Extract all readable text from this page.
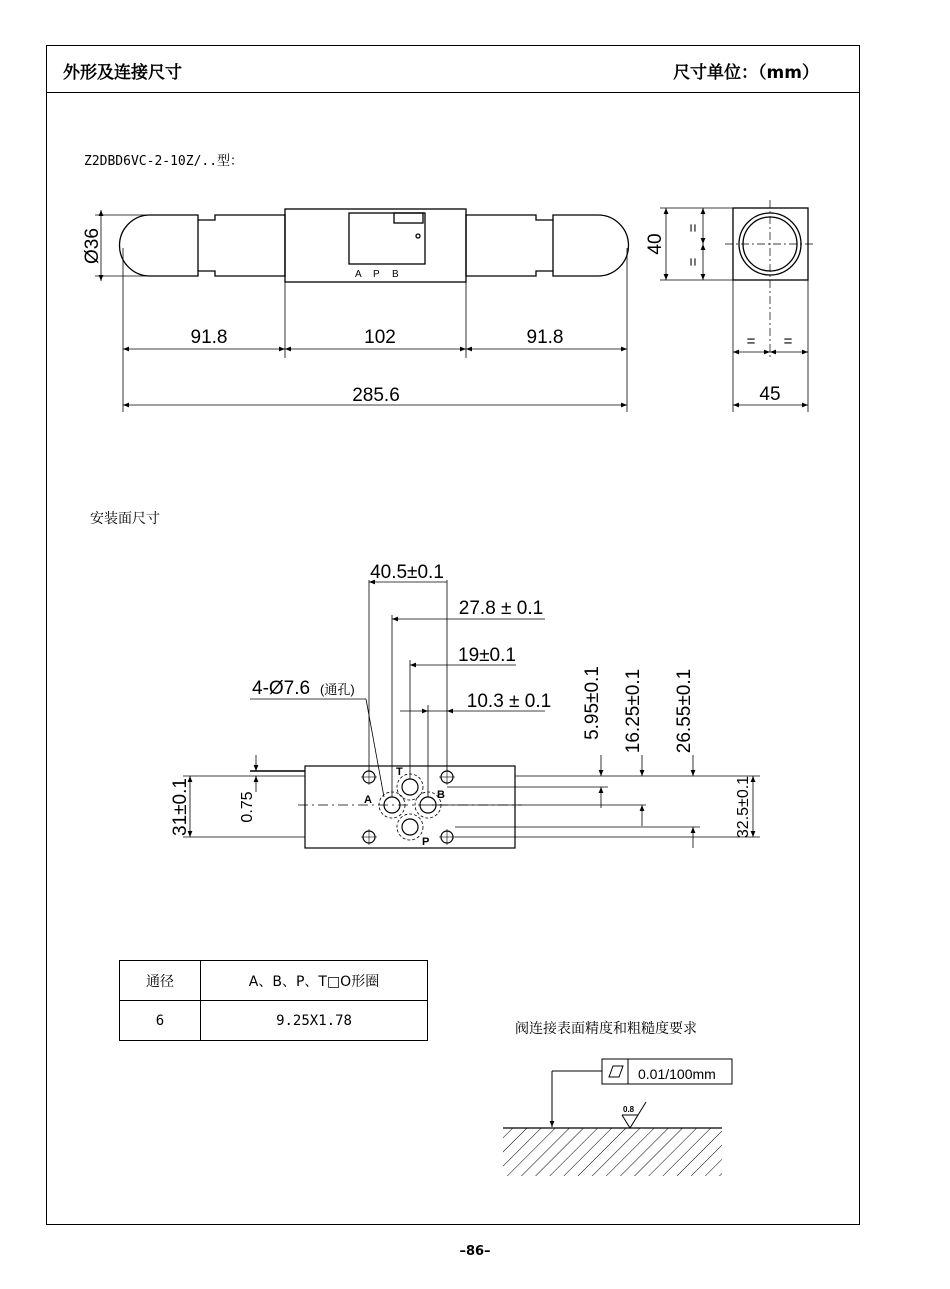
外形及连接尺寸	尺寸单位：（mm）
Z2DBD6VC-2-10Z/..型：
安装面尺寸
阀连接表面精度和粗糙度要求
–86–
Ø36
A P B
91.8	102	91.8
285.6
40
=
=
= =
45
40.5±0.1
27.8 ± 0.1
19±0.1
10.3 ± 0.1
4-Ø7.6 (通孔)	5.95±0.1 16.25±0.1 26.55±0.1
31±0.1	0.75	32.5±0.1
A	B
P
T
0.01/100mm
0.8
通径	A、B、P、T□O形圈
6	9.25X1.78
